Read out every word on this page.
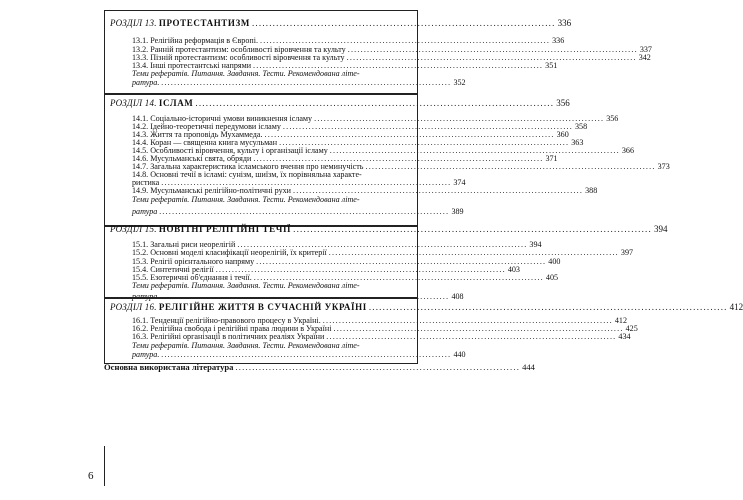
РОЗДІЛ 13. ПРОТЕСТАНТИЗМ ........................................................................................ 336
13.1. Релігійна реформація в Європі. .......................................................................................... 336
13.2. Ранній протестантизм: особливості віровчення та культу .......................................................................................... 337
13.3. Пізній протестантизм: особливості віровчення та культу .......................................................................................... 342
13.4. Інші протестантські напрями .......................................................................................... 351
Теми рефератів. Питання. Завдання. Тести. Рекомендована літе-
ратура. .......................................................................................... 352
РОЗДІЛ 14. ІСЛАМ ........................................................................................................ 356
14.1. Соціально-історичні умови виникнення ісламу .......................................................................................... 356
14.2. Ідейно-теоретичні передумови ісламу .......................................................................................... 358
14.3. Життя та проповідь Мухаммеда. .......................................................................................... 360
14.4. Коран — священна книга мусульман .......................................................................................... 363
14.5. Особливості віровчення, культу і організації ісламу .......................................................................................... 366
14.6. Мусульманські свята, обряди .......................................................................................... 371
14.7. Загальна характеристика ісламського вчення про неминучість .......................................................................................... 373
14.8. Основні течії в ісламі: сунізм, шиїзм, їх порівняльна характе-
ристика .......................................................................................... 374
14.9. Мусульманські релігійно-політичні рухи .......................................................................................... 388
Теми рефератів. Питання. Завдання. Тести. Рекомендована літе-
ратура .......................................................................................... 389
РОЗДІЛ 15. НОВІТНІ РЕЛІГІЙНІ ТЕЧІЇ ........................................................................................................ 394
15.1. Загальні риси неорелігій .......................................................................................... 394
15.2. Основні моделі класифікації неорелігій, їх критерії .......................................................................................... 397
15.3. Релігії орієнтального напряму .......................................................................................... 400
15.4. Синтетичні релігії .......................................................................................... 403
15.5. Езотеричні об'єднання і течії. .......................................................................................... 405
Теми рефератів. Питання. Завдання. Тести. Рекомендована літе-
ратура .......................................................................................... 408
РОЗДІЛ 16. РЕЛІГІЙНЕ ЖИТТЯ В СУЧАСНІЙ УКРАЇНІ ........................................................................................................ 412
16.1. Тенденції релігійно-правового процесу в Україні. .......................................................................................... 412
16.2. Релігійна свобода і релігійні права людини в Україні .......................................................................................... 425
16.3. Релігійні організації в політичних реаліях України .......................................................................................... 434
Теми рефератів. Питання. Завдання. Тести. Рекомендована літе-
ратура. .......................................................................................... 440
Основна використана література ..................................................................................... 444
6
